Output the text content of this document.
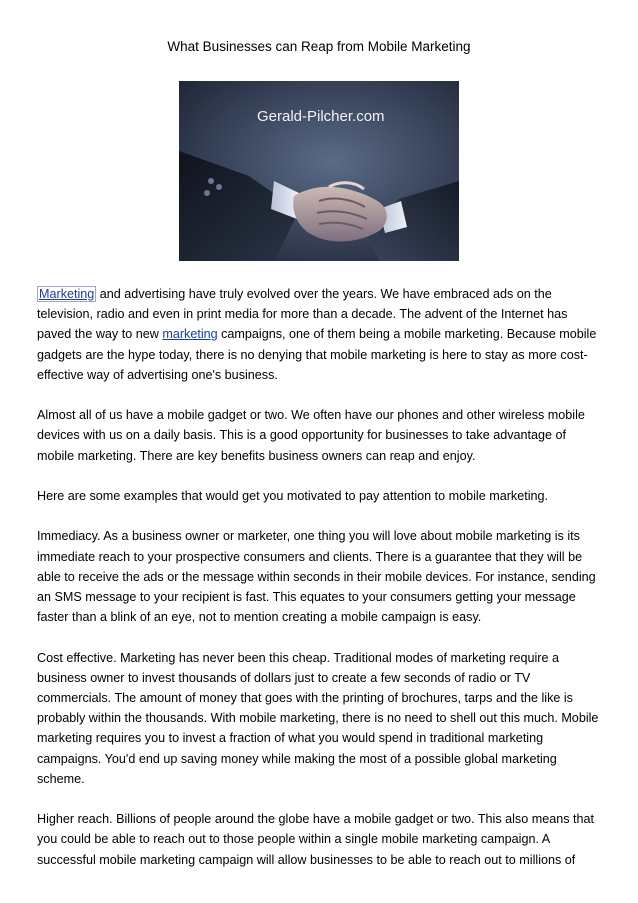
What Businesses can Reap from Mobile Marketing
Gerald-Pilcher.com

Marketing and advertising have truly evolved over the years. We have embraced ads on the television, radio and even in print media for more than a decade. The advent of the Internet has paved the way to new marketing campaigns, one of them being a mobile marketing. Because mobile gadgets are the hype today, there is no denying that mobile marketing is here to stay as more cost-effective way of advertising one's business.

Almost all of us have a mobile gadget or two. We often have our phones and other wireless mobile devices with us on a daily basis. This is a good opportunity for businesses to take advantage of mobile marketing. There are key benefits business owners can reap and enjoy.

Here are some examples that would get you motivated to pay attention to mobile marketing.

Immediacy. As a business owner or marketer, one thing you will love about mobile marketing is its immediate reach to your prospective consumers and clients. There is a guarantee that they will be able to receive the ads or the message within seconds in their mobile devices. For instance, sending an SMS message to your recipient is fast. This equates to your consumers getting your message faster than a blink of an eye, not to mention creating a mobile campaign is easy.

Cost effective. Marketing has never been this cheap. Traditional modes of marketing require a business owner to invest thousands of dollars just to create a few seconds of radio or TV commercials. The amount of money that goes with the printing of brochures, tarps and the like is probably within the thousands. With mobile marketing, there is no need to shell out this much. Mobile marketing requires you to invest a fraction of what you would spend in traditional marketing campaigns. You'd end up saving money while making the most of a possible global marketing scheme.

Higher reach. Billions of people around the globe have a mobile gadget or two. This also means that you could be able to reach out to those people within a single mobile marketing campaign. A successful mobile marketing campaign will allow businesses to be able to reach out to millions of
